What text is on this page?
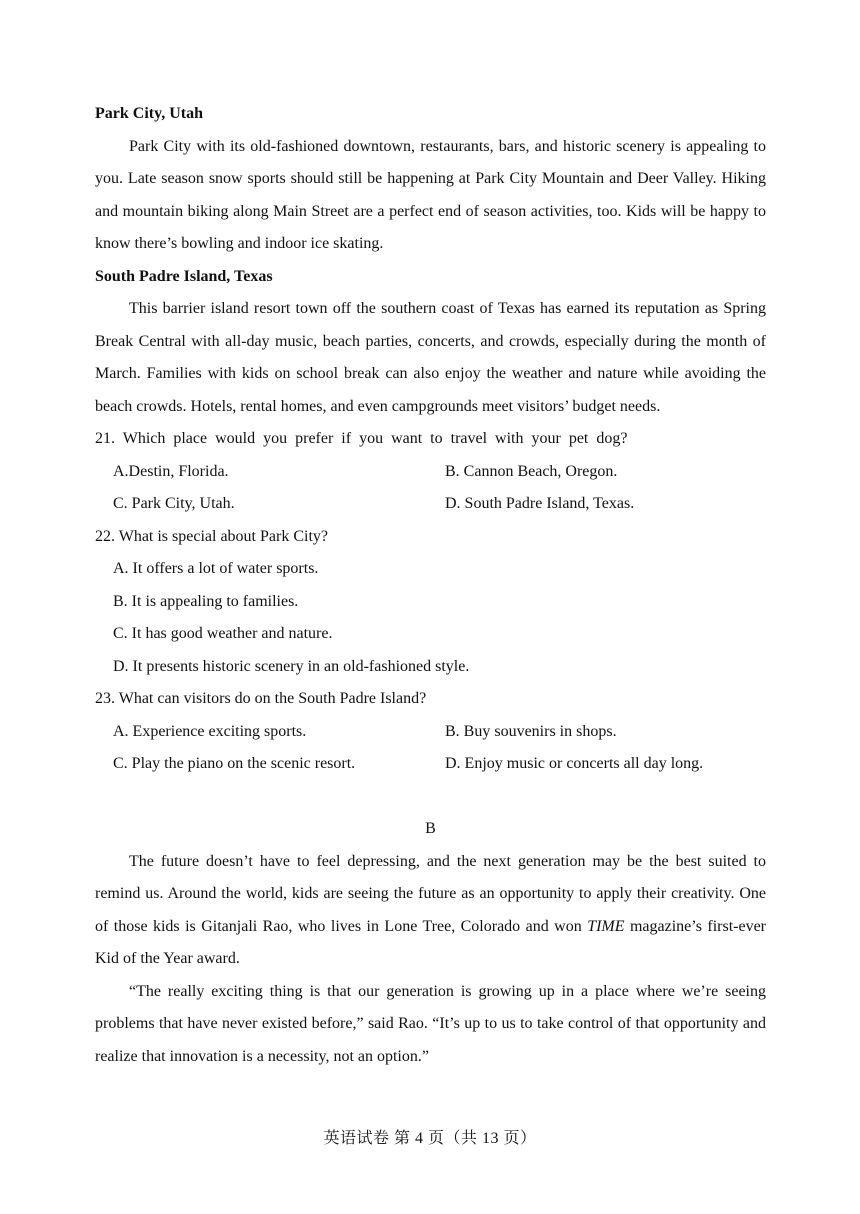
Park City, Utah

Park City with its old-fashioned downtown, restaurants, bars, and historic scenery is appealing to you. Late season snow sports should still be happening at Park City Mountain and Deer Valley. Hiking and mountain biking along Main Street are a perfect end of season activities, too. Kids will be happy to know there’s bowling and indoor ice skating.

South Padre Island, Texas

This barrier island resort town off the southern coast of Texas has earned its reputation as Spring Break Central with all-day music, beach parties, concerts, and crowds, especially during the month of March. Families with kids on school break can also enjoy the weather and nature while avoiding the beach crowds. Hotels, rental homes, and even campgrounds meet visitors’ budget needs.

21. Which place would you prefer if you want to travel with your pet dog?

A.Destin, Florida.	B. Cannon Beach, Oregon.
C. Park City, Utah.	D. South Padre Island, Texas.

22. What is special about Park City?

A. It offers a lot of water sports.

B. It is appealing to families.

C. It has good weather and nature.

D. It presents historic scenery in an old-fashioned style.

23. What can visitors do on the South Padre Island?

A. Experience exciting sports.	B. Buy souvenirs in shops.
C. Play the piano on the scenic resort.	D. Enjoy music or concerts all day long.

B

The future doesn’t have to feel depressing, and the next generation may be the best suited to remind us. Around the world, kids are seeing the future as an opportunity to apply their creativity. One of those kids is Gitanjali Rao, who lives in Lone Tree, Colorado and won TIME magazine’s first-ever Kid of the Year award.

“The really exciting thing is that our generation is growing up in a place where we’re seeing problems that have never existed before,” said Rao. “It’s up to us to take control of that opportunity and realize that innovation is a necessity, not an option.”

英语试卷 第 4 页（共 13 页）
